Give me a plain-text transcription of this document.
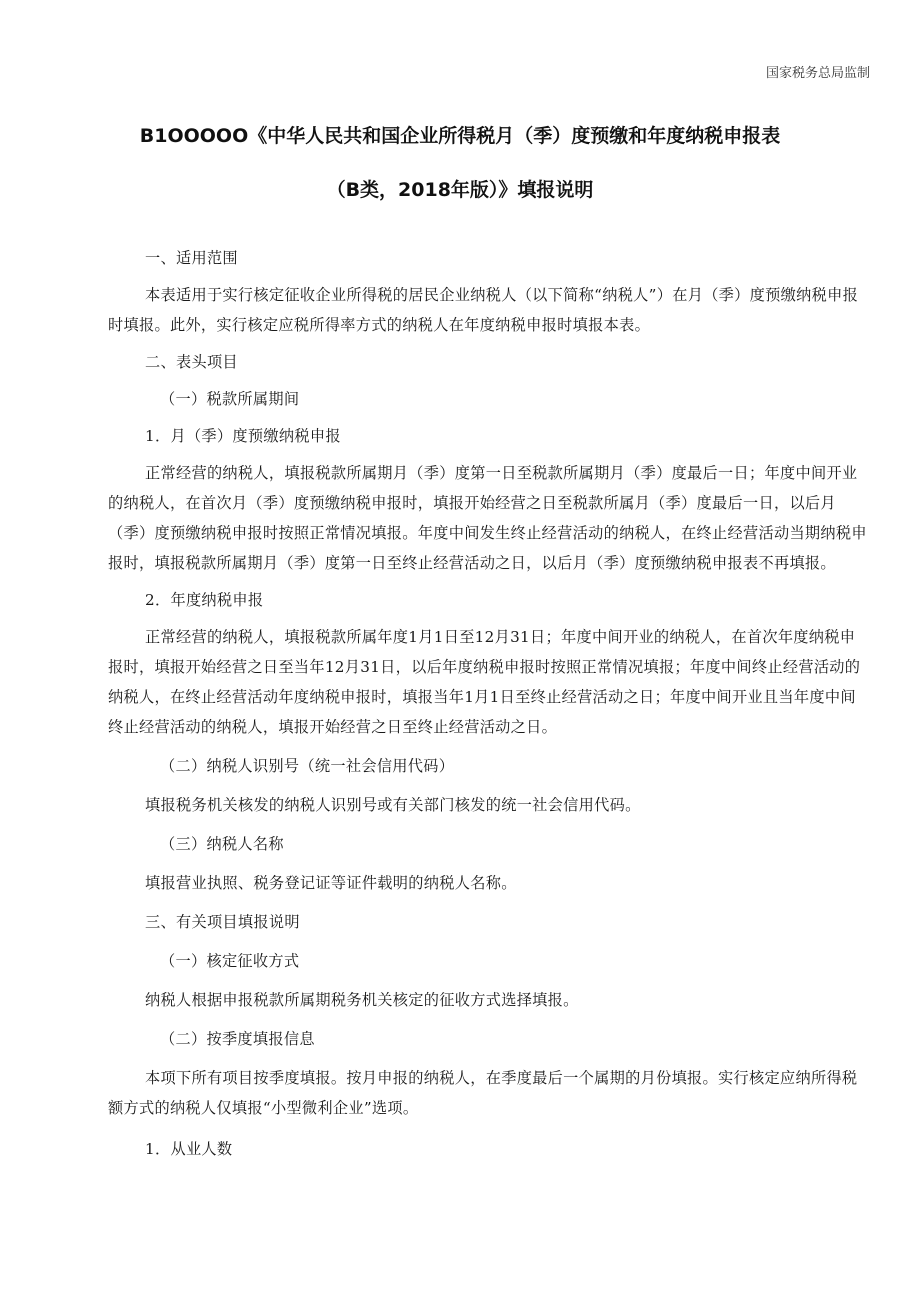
国家税务总局监制
B1OOOOO《中华人民共和国企业所得税月（季）度预缴和年度纳税申报表
（B类，2018年版）》填报说明

一、适用范围

本表适用于实行核定征收企业所得税的居民企业纳税人（以下简称“纳税人”）在月（季）度预缴纳税申报时填报。此外，实行核定应税所得率方式的纳税人在年度纳税申报时填报本表。

二、表头项目

（一）税款所属期间

1．月（季）度预缴纳税申报

正常经营的纳税人，填报税款所属期月（季）度第一日至税款所属期月（季）度最后一日；年度中间开业的纳税人，在首次月（季）度预缴纳税申报时，填报开始经营之日至税款所属月（季）度最后一日，以后月（季）度预缴纳税申报时按照正常情况填报。年度中间发生终止经营活动的纳税人，在终止经营活动当期纳税申报时，填报税款所属期月（季）度第一日至终止经营活动之日，以后月（季）度预缴纳税申报表不再填报。

2．年度纳税申报

正常经营的纳税人，填报税款所属年度1月1日至12月31日；年度中间开业的纳税人，在首次年度纳税申报时，填报开始经营之日至当年12月31日，以后年度纳税申报时按照正常情况填报；年度中间终止经营活动的纳税人，在终止经营活动年度纳税申报时，填报当年1月1日至终止经营活动之日；年度中间开业且当年度中间终止经营活动的纳税人，填报开始经营之日至终止经营活动之日。

（二）纳税人识别号（统一社会信用代码）

填报税务机关核发的纳税人识别号或有关部门核发的统一社会信用代码。

（三）纳税人名称

填报营业执照、税务登记证等证件载明的纳税人名称。

三、有关项目填报说明

（一）核定征收方式

纳税人根据申报税款所属期税务机关核定的征收方式选择填报。

（二）按季度填报信息

本项下所有项目按季度填报。按月申报的纳税人，在季度最后一个属期的月份填报。实行核定应纳所得税额方式的纳税人仅填报“小型微利企业”选项。

1．从业人数
